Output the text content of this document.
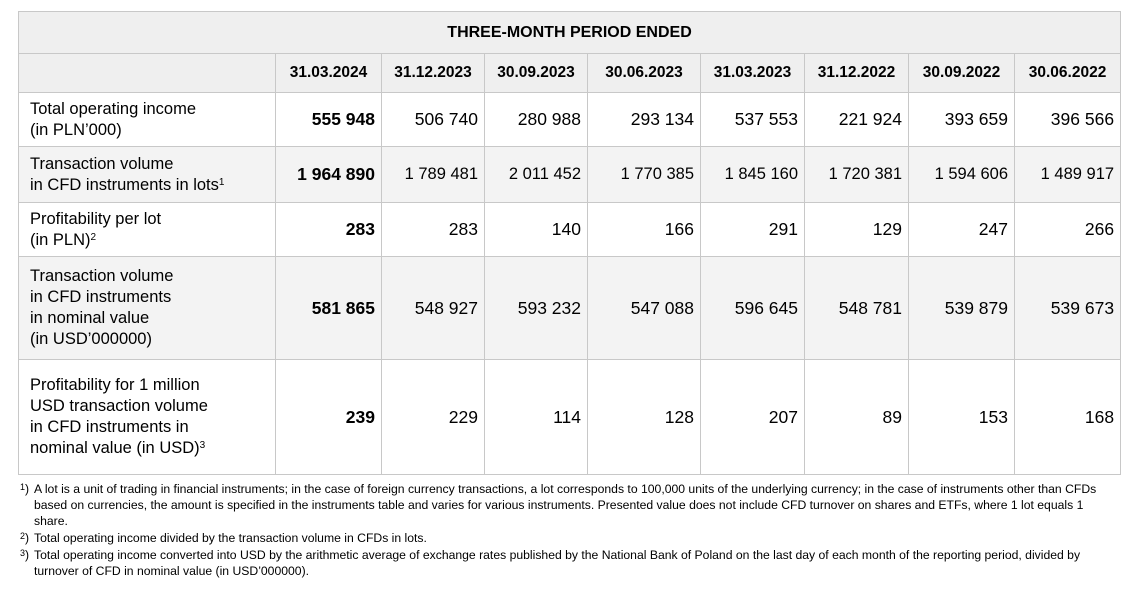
THREE-MONTH PERIOD ENDED								
	31.03.2024	31.12.2023	30.09.2023	30.06.2023	31.03.2023	31.12.2022	30.09.2022	30.06.2022
Total operating income
(in PLN’000)	555 948	506 740	280 988	293 134	537 553	221 924	393 659	396 566
Transaction volume
in CFD instruments in lots$^1$	1 964 890	1 789 481	2 011 452	1 770 385	1 845 160	1 720 381	1 594 606	1 489 917
Profitability per lot
(in PLN)$^2$	283	283	140	166	291	129	247	266
Transaction volume
in CFD instruments
in nominal value
(in USD’000000)	581 865	548 927	593 232	547 088	596 645	548 781	539 879	539 673
Profitability for 1 million
USD transaction volume
in CFD instruments in
nominal value (in USD)$^3$	239	229	114	128	207	89	153	168
$^1$) A lot is a unit of trading in financial instruments; in the case of foreign currency transactions, a lot corresponds to 100,000 units of the underlying currency; in the case of instruments other than CFDs based on currencies, the amount is specified in the instruments table and varies for various instruments. Presented value does not include CFD turnover on shares and ETFs, where 1 lot equals 1 share.
$^2$) Total operating income divided by the transaction volume in CFDs in lots.
$^3$) Total operating income converted into USD by the arithmetic average of exchange rates published by the National Bank of Poland on the last day of each month of the reporting period, divided by turnover of CFD in nominal value (in USD’000000).
